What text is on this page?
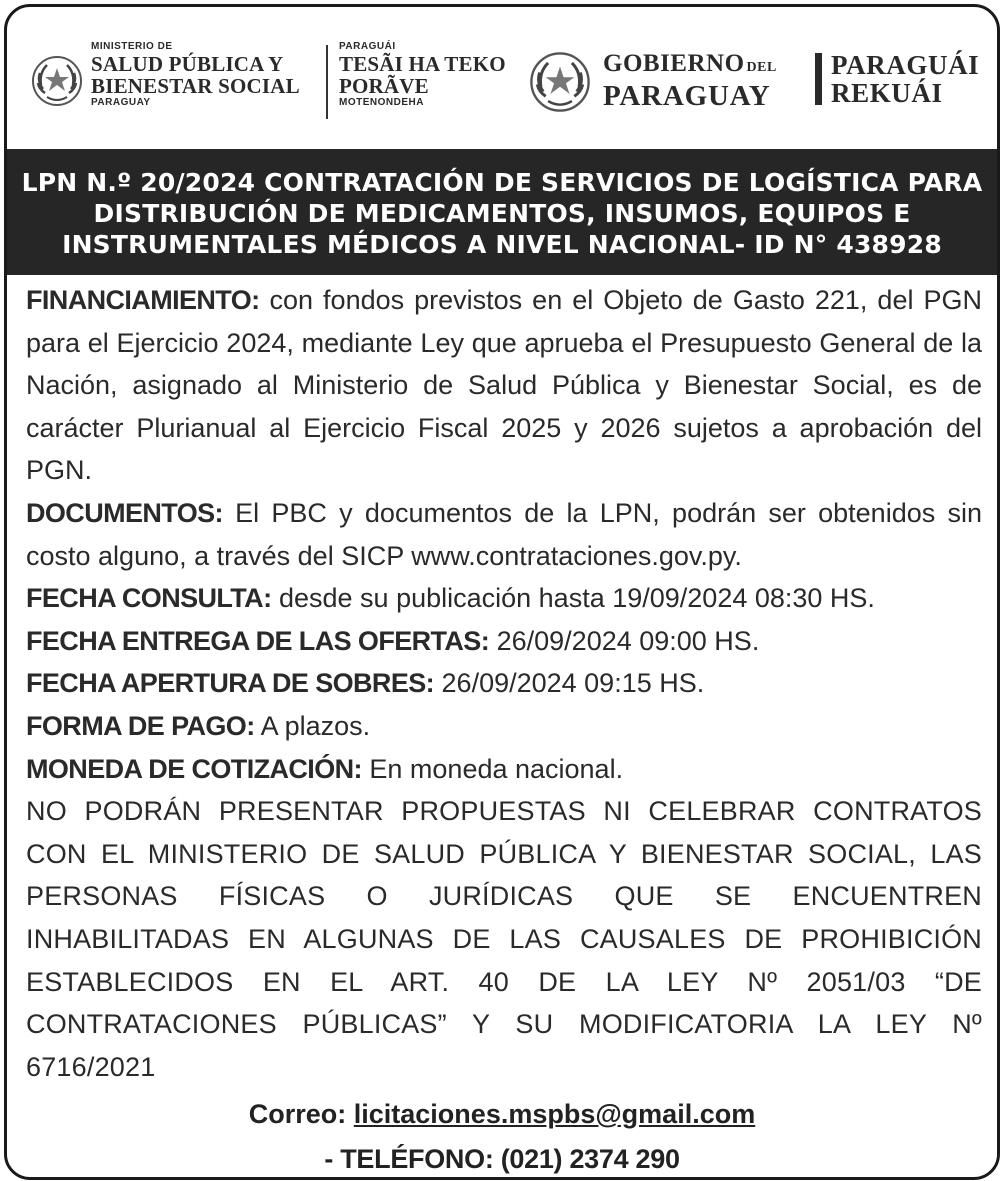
MINISTERIO DE
SALUD PÚBLICA Y
BIENESTAR SOCIAL
PARAGUAY
PARAGUÁI
TESÃI HA TEKO
PORÃVE
MOTENONDEHA
GOBIERNO DEL
PARAGUAY
PARAGUÁI
REKUÁI
LPN N.º 20/2024 CONTRATACIÓN DE SERVICIOS DE LOGÍSTICA PARA
DISTRIBUCIÓN DE MEDICAMENTOS, INSUMOS, EQUIPOS E
INSTRUMENTALES MÉDICOS A NIVEL NACIONAL- ID N° 438928

FINANCIAMIENTO: con fondos previstos en el Objeto de Gasto 221, del PGN para el Ejercicio 2024, mediante Ley que aprueba el Presupuesto General de la Nación, asignado al Ministerio de Salud Pública y Bienestar Social, es de carácter Plurianual al Ejercicio Fiscal 2025 y 2026 sujetos a aprobación del PGN.

DOCUMENTOS: El PBC y documentos de la LPN, podrán ser obtenidos sin costo alguno, a través del SICP www.contrataciones.gov.py.

FECHA CONSULTA: desde su publicación hasta 19/09/2024 08:30 HS.

FECHA ENTREGA DE LAS OFERTAS: 26/09/2024 09:00 HS.

FECHA APERTURA DE SOBRES: 26/09/2024 09:15 HS.

FORMA DE PAGO: A plazos.

MONEDA DE COTIZACIÓN: En moneda nacional.

NO PODRÁN PRESENTAR PROPUESTAS NI CELEBRAR CONTRATOS CON EL MINISTERIO DE SALUD PÚBLICA Y BIENESTAR SOCIAL, LAS PERSONAS FÍSICAS O JURÍDICAS QUE SE ENCUENTREN INHABILITADAS EN ALGUNAS DE LAS CAUSALES DE PROHIBICIÓN ESTABLECIDOS EN EL ART. 40 DE LA LEY Nº 2051/03 “DE CONTRATACIONES PÚBLICAS” Y SU MODIFICATORIA LA LEY Nº 6716/2021

Correo: licitaciones.mspbs@gmail.com
- TELÉFONO: (021) 2374 290
